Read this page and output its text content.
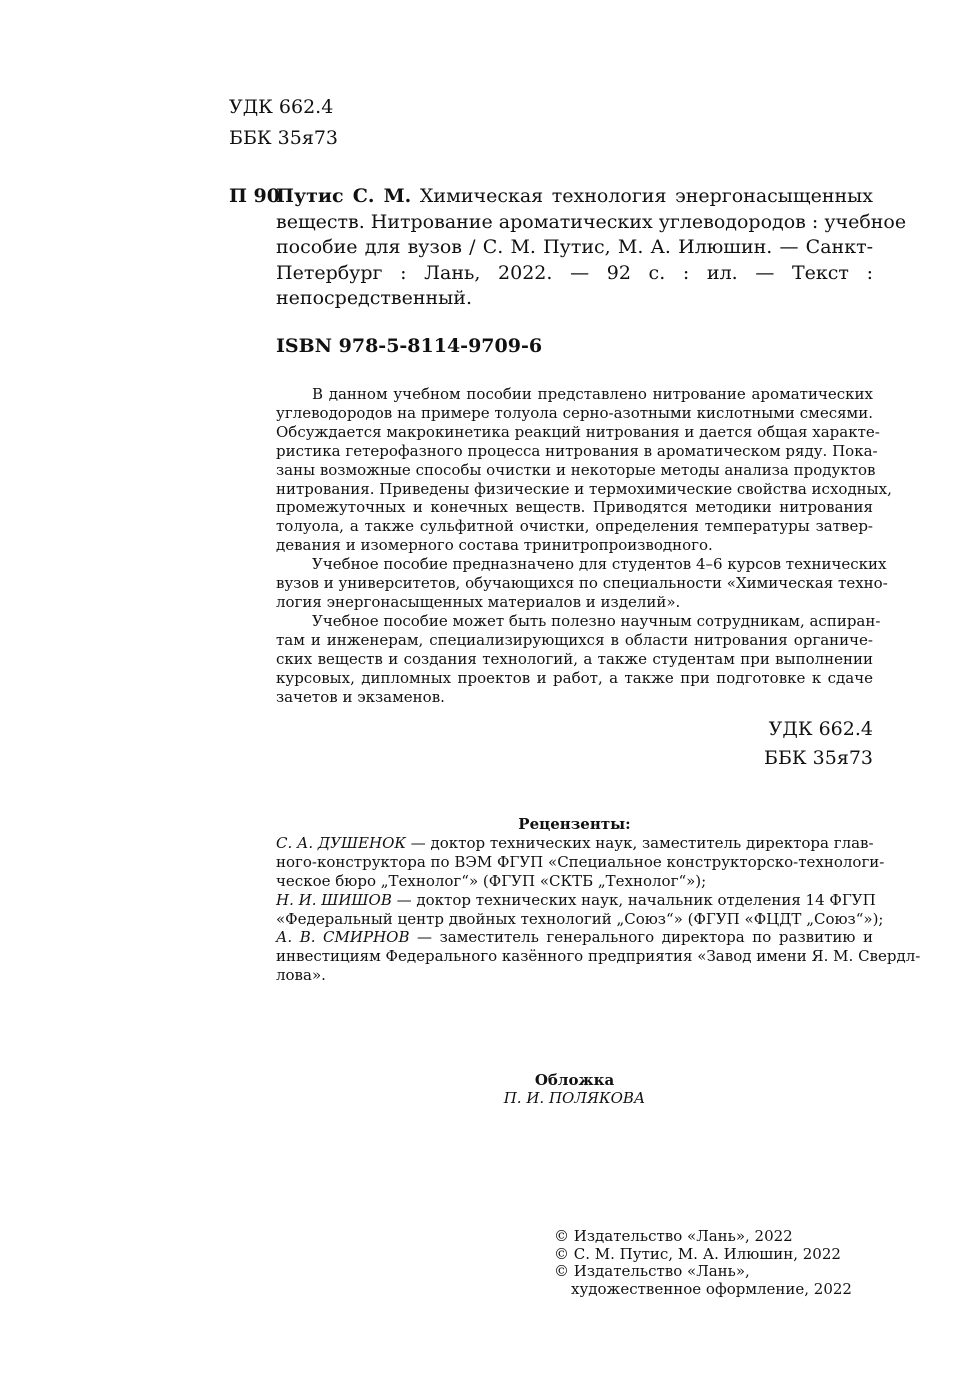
УДК 662.4
ББК 35я73
П 90
Путис С. М. Химическая технология энергонасыщенных
веществ. Нитрование ароматических углеводородов : учебное
пособие для вузов / С. М. Путис, М. А. Илюшин. — Санкт-
Петербург : Лань, 2022. — 92 с. : ил. — Текст :
непосредственный.
ISBN 978-5-8114-9709-6
В данном учебном пособии представлено нитрование ароматических
углеводородов на примере толуола серно-азотными кислотными смесями.
Обсуждается макрокинетика реакций нитрования и дается общая характе-
ристика гетерофазного процесса нитрования в ароматическом ряду. Пока-
заны возможные способы очистки и некоторые методы анализа продуктов
нитрования. Приведены физические и термохимические свойства исходных,
промежуточных и конечных веществ. Приводятся методики нитрования
толуола, а также сульфитной очистки, определения температуры затвер-
девания и изомерного состава тринитропроизводного.
Учебное пособие предназначено для студентов 4–6 курсов технических
вузов и университетов, обучающихся по специальности «Химическая техно-
логия энергонасыщенных материалов и изделий».
Учебное пособие может быть полезно научным сотрудникам, аспиран-
там и инженерам, специализирующихся в области нитрования органиче-
ских веществ и создания технологий, а также студентам при выполнении
курсовых, дипломных проектов и работ, а также при подготовке к сдаче
зачетов и экзаменов.
УДК 662.4
ББК 35я73
Рецензенты:
С. А. ДУШЕНОК — доктор технических наук, заместитель директора глав-
ного-конструктора по ВЭМ ФГУП «Специальное конструкторско-технологи-
ческое бюро „Технолог“» (ФГУП «СКТБ „Технолог“»);
Н. И. ШИШОВ — доктор технических наук, начальник отделения 14 ФГУП
«Федеральный центр двойных технологий „Союз“» (ФГУП «ФЦДТ „Союз“»);
А. В. СМИРНОВ — заместитель генерального директора по развитию и
инвестициям Федерального казённого предприятия «Завод имени Я. М. Свердл-
лова».
Обложка
П. И. ПОЛЯКОВА
© Издательство «Лань», 2022
© С. М. Путис, М. А. Илюшин, 2022
© Издательство «Лань»,
художественное оформление, 2022
